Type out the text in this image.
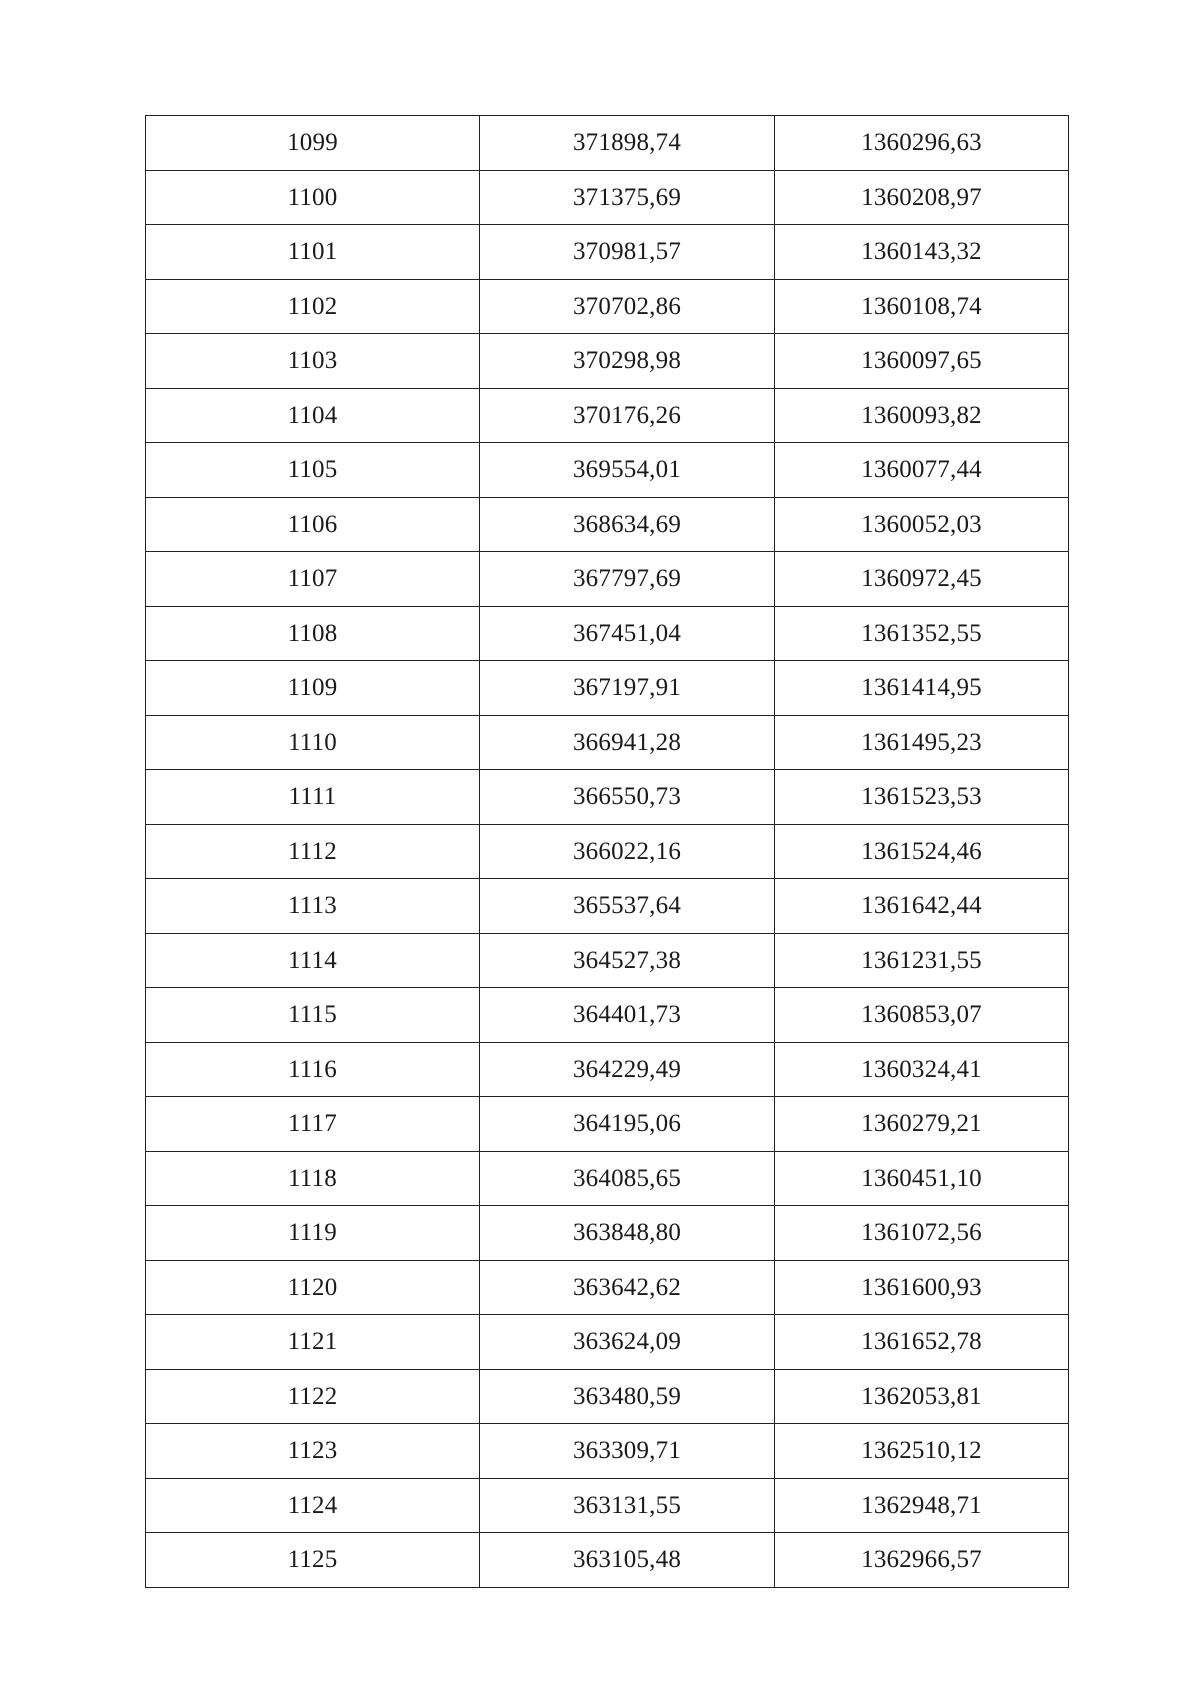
1099	371898,74	1360296,63
1100	371375,69	1360208,97
1101	370981,57	1360143,32
1102	370702,86	1360108,74
1103	370298,98	1360097,65
1104	370176,26	1360093,82
1105	369554,01	1360077,44
1106	368634,69	1360052,03
1107	367797,69	1360972,45
1108	367451,04	1361352,55
1109	367197,91	1361414,95
1110	366941,28	1361495,23
1111	366550,73	1361523,53
1112	366022,16	1361524,46
1113	365537,64	1361642,44
1114	364527,38	1361231,55
1115	364401,73	1360853,07
1116	364229,49	1360324,41
1117	364195,06	1360279,21
1118	364085,65	1360451,10
1119	363848,80	1361072,56
1120	363642,62	1361600,93
1121	363624,09	1361652,78
1122	363480,59	1362053,81
1123	363309,71	1362510,12
1124	363131,55	1362948,71
1125	363105,48	1362966,57
